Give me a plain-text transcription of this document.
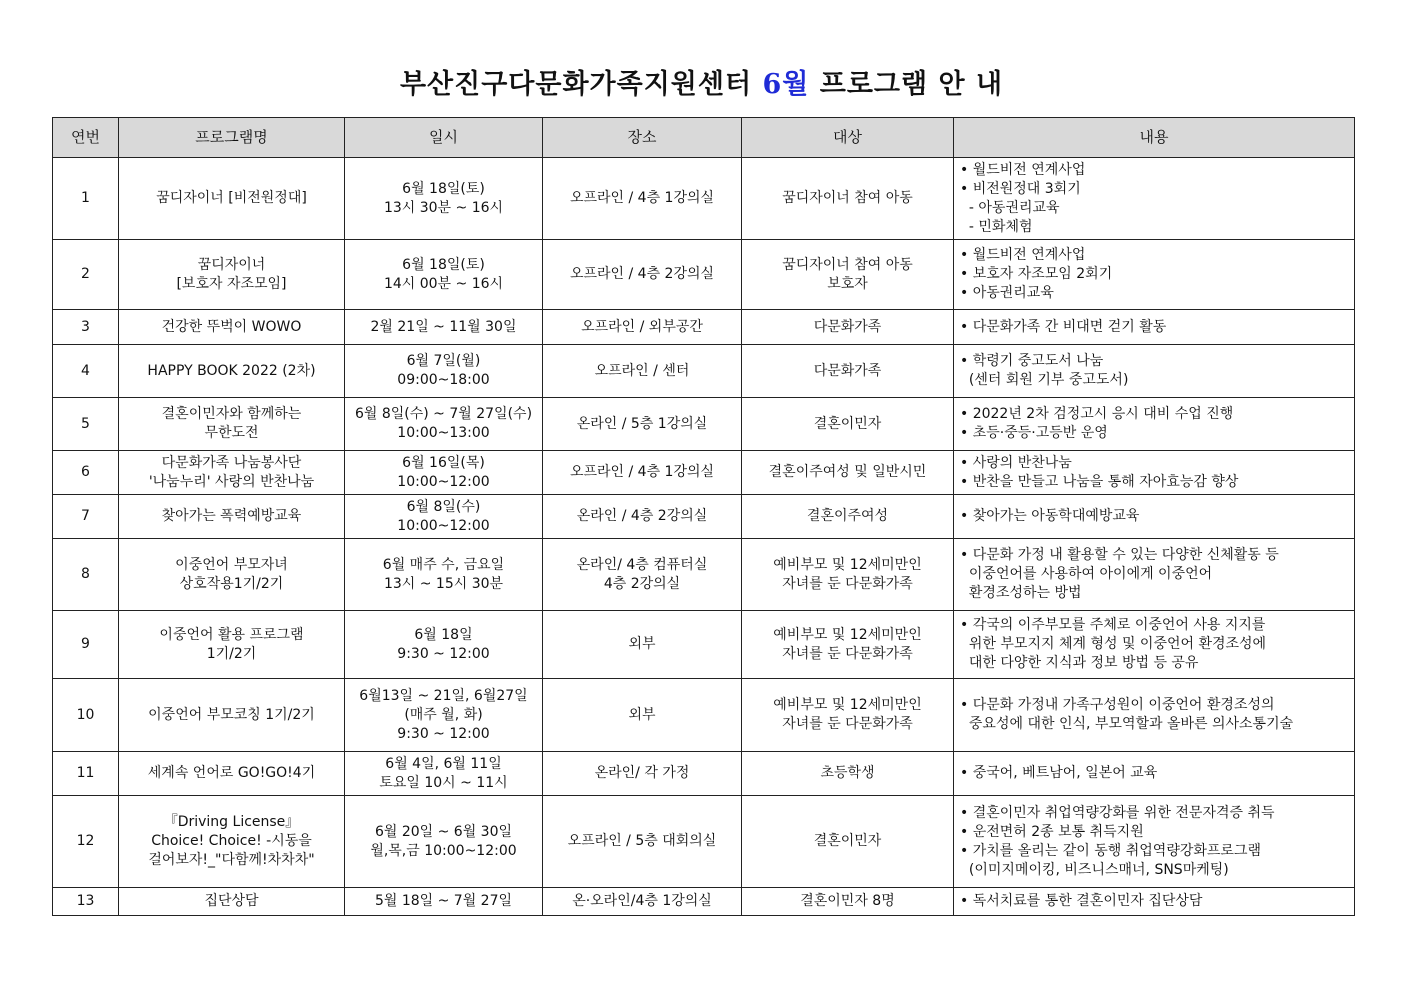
부산진구다문화가족지원센터 6월 프로그램 안 내
연번	프로그램명	일시	장소	대상	내용
1	꿈디자이너 [비전원정대]	6월 18일(토)
13시 30분 ~ 16시	오프라인 / 4층 1강의실	꿈디자이너 참여 아동	• 월드비전 연계사업
• 비전원정대 3회기
- 아동권리교육
- 민화체험

2	꿈디자이너
[보호자 자조모임]	6월 18일(토)
14시 00분 ~ 16시	오프라인 / 4층 2강의실	꿈디자이너 참여 아동
보호자	• 월드비전 연계사업
• 보호자 자조모임 2회기
• 아동권리교육

3	건강한 뚜벅이 WOWO	2월 21일 ~ 11월 30일	오프라인 / 외부공간	다문화가족	• 다문화가족 간 비대면 걷기 활동

4	HAPPY BOOK 2022 (2차)	6월 7일(월)
09:00~18:00	오프라인 / 센터	다문화가족	• 학령기 중고도서 나눔
(센터 회원 기부 중고도서)

5	결혼이민자와 함께하는
무한도전	6월 8일(수) ~ 7월 27일(수)
10:00~13:00	온라인 / 5층 1강의실	결혼이민자	• 2022년 2차 검정고시 응시 대비 수업 진행
• 초등·중등·고등반 운영

6	다문화가족 나눔봉사단
'나눔누리' 사랑의 반찬나눔	6월 16일(목)
10:00~12:00	오프라인 / 4층 1강의실	결혼이주여성 및 일반시민	• 사랑의 반찬나눔
• 반찬을 만들고 나눔을 통해 자아효능감 향상

7	찾아가는 폭력예방교육	6월 8일(수)
10:00~12:00	온라인 / 4층 2강의실	결혼이주여성	• 찾아가는 아동학대예방교육

8	이중언어 부모자녀
상호작용1기/2기	6월 매주 수, 금요일
13시 ~ 15시 30분	온라인/ 4층 컴퓨터실
4층 2강의실	예비부모 및 12세미만인
자녀를 둔 다문화가족	• 다문화 가정 내 활용할 수 있는 다양한 신체활동 등
이중언어를 사용하여 아이에게 이중언어
환경조성하는 방법

9	이중언어 활용 프로그램
1기/2기	6월 18일
9:30 ~ 12:00	외부	예비부모 및 12세미만인
자녀를 둔 다문화가족	• 각국의 이주부모를 주체로 이중언어 사용 지지를
위한 부모지지 체계 형성 및 이중언어 환경조성에
대한 다양한 지식과 정보 방법 등 공유

10	이중언어 부모코칭 1기/2기	6월13일 ~ 21일, 6월27일
(매주 월, 화)
9:30 ~ 12:00	외부	예비부모 및 12세미만인
자녀를 둔 다문화가족	• 다문화 가정내 가족구성원이 이중언어 환경조성의
중요성에 대한 인식, 부모역할과 올바른 의사소통기술

11	세계속 언어로 GO!GO!4기	6월 4일, 6월 11일
토요일 10시 ~ 11시	온라인/ 각 가정	초등학생	• 중국어, 베트남어, 일본어 교육

12	『Driving License』
Choice! Choice! -시동을
걸어보자!_"다함께!차차차"	6월 20일 ~ 6월 30일
월,목,금 10:00~12:00	오프라인 / 5층 대회의실	결혼이민자	• 결혼이민자 취업역량강화를 위한 전문자격증 취득
• 운전면허 2종 보통 취득지원
• 가치를 올리는 같이 동행 취업역량강화프로그램
(이미지메이킹, 비즈니스매너, SNS마케팅)

13	집단상담	5월 18일 ~ 7월 27일	온·오라인/4층 1강의실	결혼이민자 8명	• 독서치료를 통한 결혼이민자 집단상담
